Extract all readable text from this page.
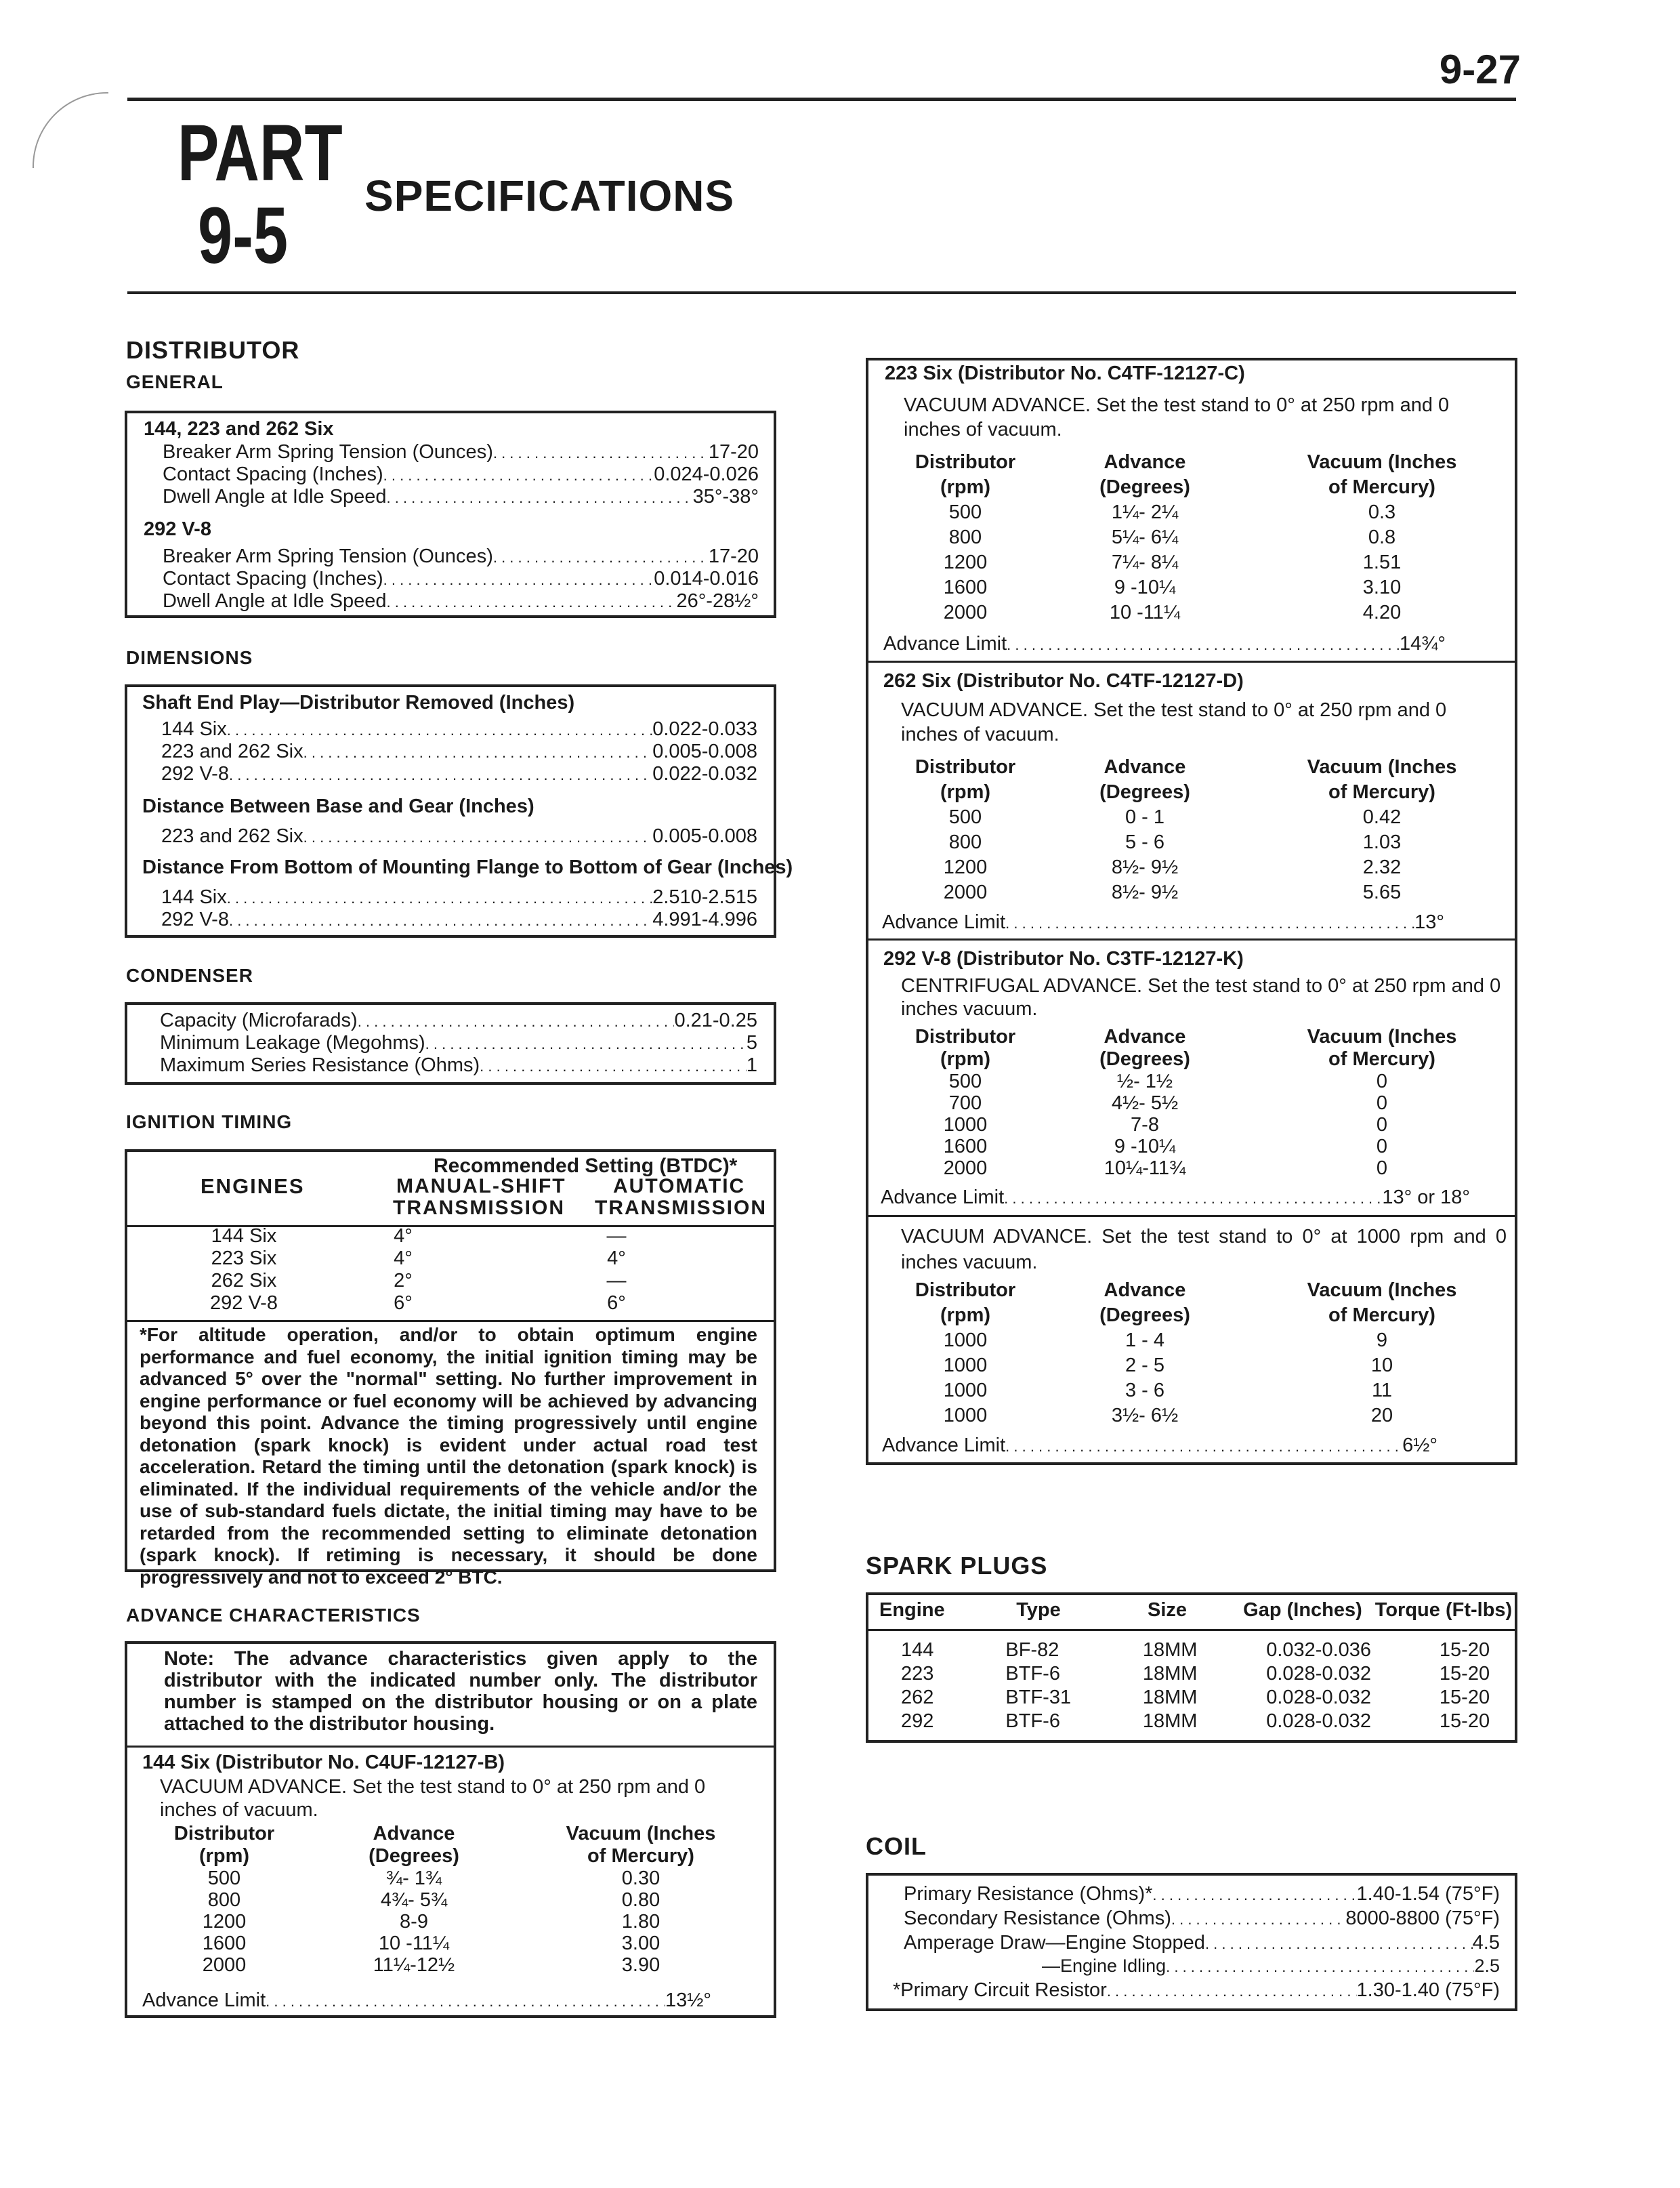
9-27
PART
9-5 SPECIFICATIONS
DISTRIBUTOR
GENERAL
144, 223 and 262 Six
Breaker Arm Spring Tension (Ounces) . . .	17-20
Contact Spacing (Inches) . . .	0.024-0.026
Dwell Angle at Idle Speed . . .	35°-38°
292 V-8
Breaker Arm Spring Tension (Ounces) . . .	17-20
Contact Spacing (Inches) . . .	0.014-0.016
Dwell Angle at Idle Speed . . .	26°-28½°
DIMENSIONS
Shaft End Play—Distributor Removed (Inches)
144 Six . . .	0.022-0.033
223 and 262 Six . . .	0.005-0.008
292 V-8 . . .	0.022-0.032
Distance Between Base and Gear (Inches)
223 and 262 Six . . .	0.005-0.008
Distance From Bottom of Mounting Flange to Bottom of Gear (Inches)
144 Six . . .	2.510-2.515
292 V-8 . . .	4.991-4.996
CONDENSER
Capacity (Microfarads) . . .	0.21-0.25
Minimum Leakage (Megohms) . . .	5
Maximum Series Resistance (Ohms) . . .	1
IGNITION TIMING
Recommended Setting (BTDC)*
ENGINES	MANUAL-SHIFT
TRANSMISSION
AUTOMATIC
TRANSMISSION
144 Six	4°	—
223 Six	4°	4°
262 Six	2°	—
292 V-8	6°	6°
*For altitude operation, and/or to obtain optimum engine performance and fuel economy, the initial ignition timing may be advanced 5° over the "normal" setting. No further improvement in engine performance or fuel economy will be achieved by advancing beyond this point. Advance the timing progressively until engine detonation (spark knock) is evident under actual road test acceleration. Retard the timing until the detonation (spark knock) is eliminated. If the individual requirements of the vehicle and/or the use of sub-standard fuels dictate, the initial timing may have to be retarded from the recommended setting to eliminate detonation (spark knock). If retiming is necessary, it should be done progressively and not to exceed 2° BTC.
ADVANCE CHARACTERISTICS
Note: The advance characteristics given apply to the distributor with the indicated number only. The distributor number is stamped on the distributor housing or on a plate attached to the distributor housing.
144 Six (Distributor No. C4UF-12127-B)
VACUUM ADVANCE. Set the test stand to 0° at 250 rpm and 0 inches of vacuum.
Distributor	Advance	Vacuum (Inches
(rpm)	(Degrees)	of Mercury)
500	¾- 1¾	0.30
800	4¾- 5¾	0.80
1200	8-9	1.80
1600	10 -11¼	3.00
2000	11¼-12½	3.90
Advance Limit . . .	13½°
223 Six (Distributor No. C4TF-12127-C)
VACUUM ADVANCE. Set the test stand to 0° at 250 rpm and 0 inches of vacuum.
Distributor	Advance	Vacuum (Inches
(rpm)	(Degrees)	of Mercury)
500	1¼- 2¼	0.3
800	5¼- 6¼	0.8
1200	7¼- 8¼	1.51
1600	9 -10¼	3.10
2000	10 -11¼	4.20
Advance Limit . . .	14¾°
262 Six (Distributor No. C4TF-12127-D)
VACUUM ADVANCE. Set the test stand to 0° at 250 rpm and 0 inches of vacuum.
Distributor	Advance	Vacuum (Inches
(rpm)	(Degrees)	of Mercury)
500	0 - 1	0.42
800	5 - 6	1.03
1200	8½- 9½	2.32
2000	8½- 9½	5.65
Advance Limit . . .	13°
292 V-8 (Distributor No. C3TF-12127-K)
CENTRIFUGAL ADVANCE. Set the test stand to 0° at 250 rpm and 0 inches vacuum.
Distributor	Advance	Vacuum (Inches
(rpm)	(Degrees)	of Mercury)
500	½- 1½	0
700	4½- 5½	0
1000	7-8	0
1600	9 -10¼	0
2000	10¼-11¾	0
Advance Limit . . .	13° or 18°
VACUUM ADVANCE. Set the test stand to 0° at 1000 rpm and 0 inches vacuum.
Distributor	Advance	Vacuum (Inches
(rpm)	(Degrees)	of Mercury)
1000	1 - 4	9
1000	2 - 5	10
1000	3 - 6	11
1000	3½- 6½	20
Advance Limit . . .	6½°
SPARK PLUGS
Engine	Type	Size	Gap (Inches) Torque (Ft-lbs)
144	BF-82	18MM	0.032-0.036	15-20
223	BTF-6	18MM	0.028-0.032	15-20
262	BTF-31	18MM	0.028-0.032	15-20
292	BTF-6	18MM	0.028-0.032	15-20
COIL
Primary Resistance (Ohms)* . . .	1.40-1.54 (75°F)
Secondary Resistance (Ohms) . . .	8000-8800 (75°F)
Amperage Draw—Engine Stopped . . .	4.5
—Engine Idling . . .	2.5
*Primary Circuit Resistor . . .	1.30-1.40 (75°F)
